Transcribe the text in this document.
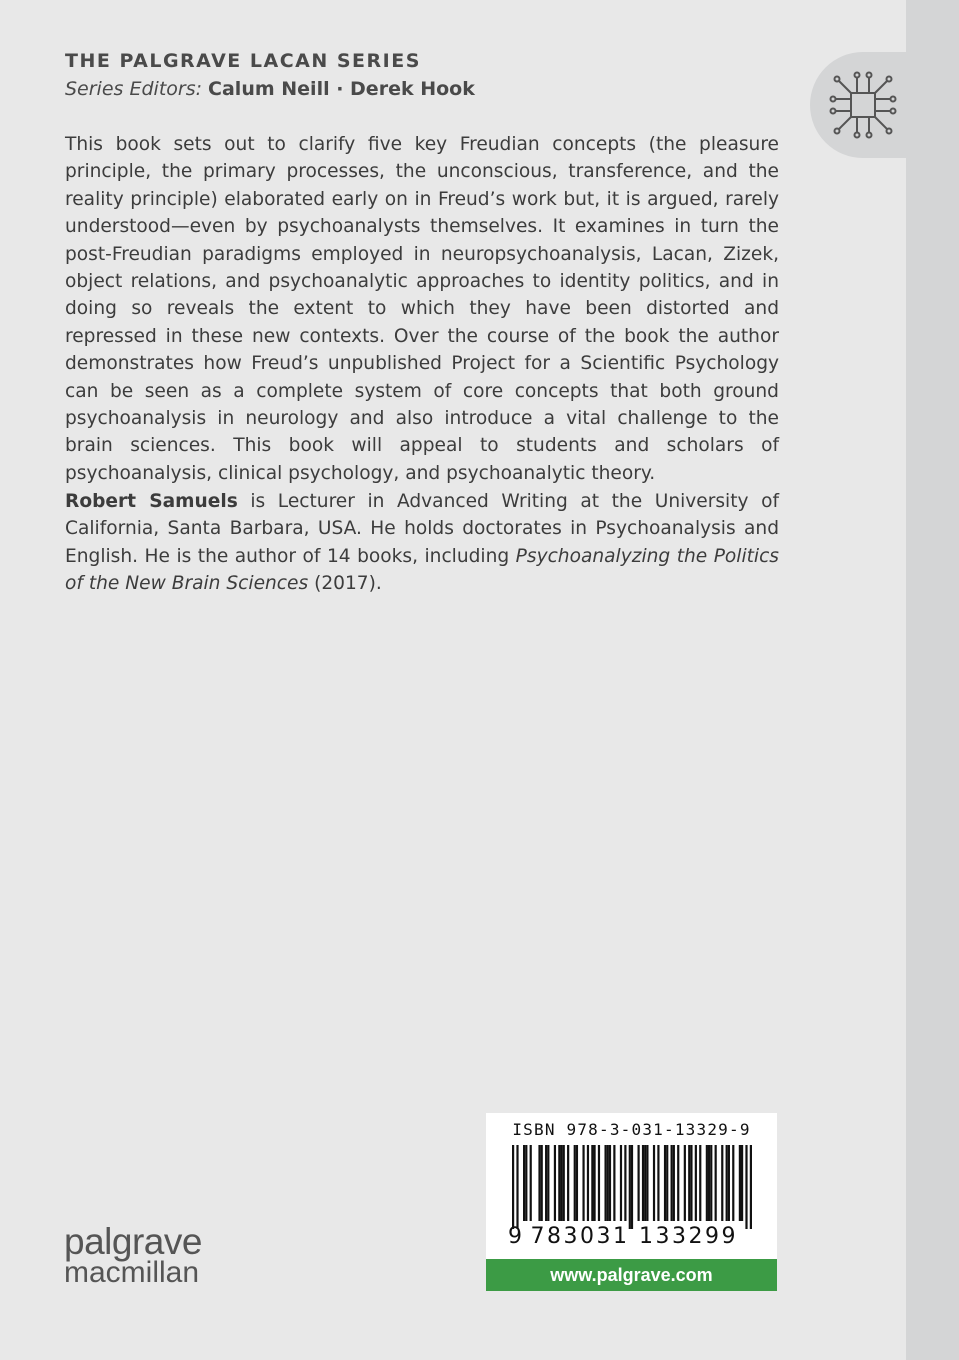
THE PALGRAVE LACAN SERIES
Series Editors: Calum Neill · Derek Hook

This book sets out to clarify five key Freudian concepts (the pleasure principle, the primary processes, the unconscious, transference, and the reality principle) elaborated early on in Freud’s work but, it is argued, rarely understood—even by psychoanalysts themselves. It examines in turn the post-Freudian paradigms employed in neuropsychoanalysis, Lacan, Zizek, object relations, and psychoanalytic approaches to identity politics, and in doing so reveals the extent to which they have been distorted and repressed in these new contexts. Over the course of the book the author demonstrates how Freud’s unpublished Project for a Scientific Psychology can be seen as a complete system of core concepts that both ground psychoanalysis in neurology and also introduce a vital challenge to the brain sciences. This book will appeal to students and scholars of psychoanalysis, clinical psychology, and psychoanalytic theory.

Robert Samuels is Lecturer in Advanced Writing at the University of California, Santa Barbara, USA. He holds doctorates in Psychoanalysis and English. He is the author of 14 books, including Psychoanalyzing the Politics of the New Brain Sciences (2017).

ISBN 978-3-031-13329-9
9 783031 133299
www.palgrave.com
palgrave
macmillan
